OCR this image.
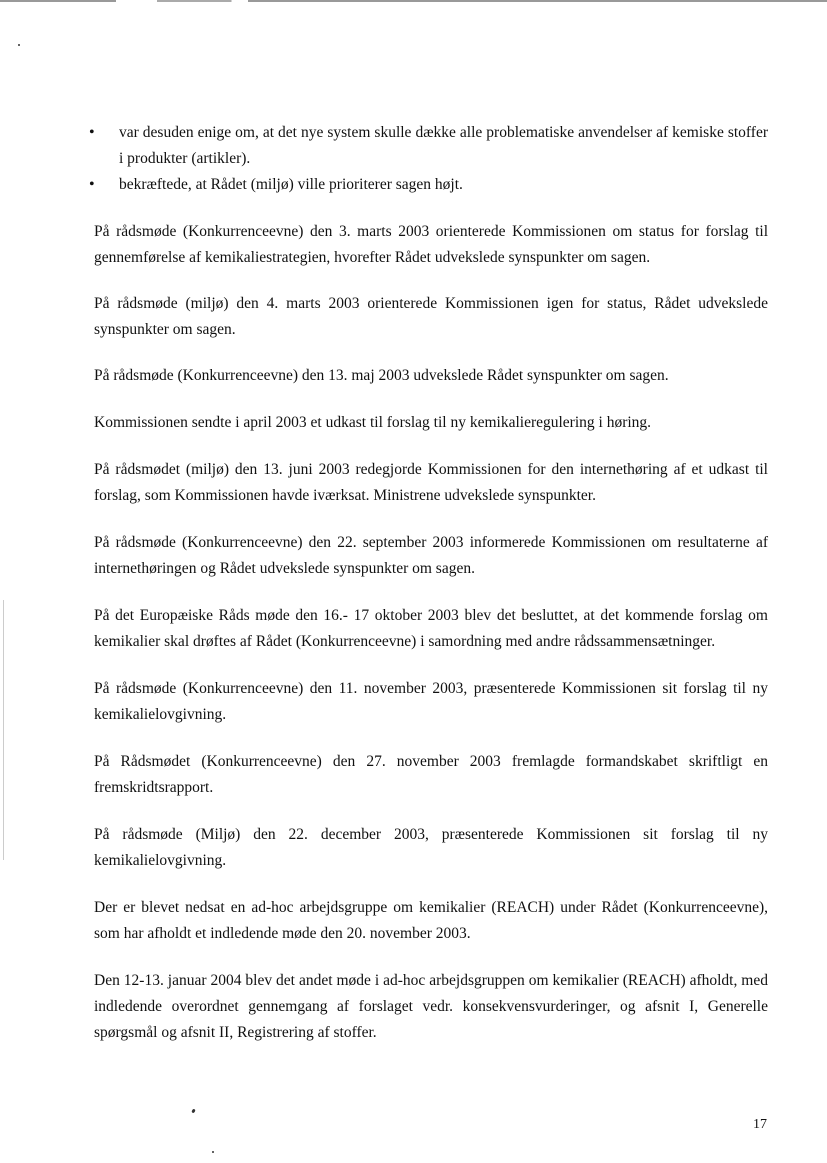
• var desuden enige om, at det nye system skulle dække alle problematiske anvendelser af kemiske stoffer i produkter (artikler).
• bekræftede, at Rådet (miljø) ville prioriterer sagen højt.

På rådsmøde (Konkurrenceevne) den 3. marts 2003 orienterede Kommissionen om status for forslag til gennemførelse af kemikaliestrategien, hvorefter Rådet udvekslede synspunkter om sagen.

På rådsmøde (miljø) den 4. marts 2003 orienterede Kommissionen igen for status, Rådet udvekslede synspunkter om sagen.

På rådsmøde (Konkurrenceevne) den 13. maj 2003 udvekslede Rådet synspunkter om sagen.

Kommissionen sendte i april 2003 et udkast til forslag til ny kemikalieregulering i høring.

På rådsmødet (miljø) den 13. juni 2003 redegjorde Kommissionen for den internethøring af et udkast til forslag, som Kommissionen havde iværksat. Ministrene udvekslede synspunkter.

På rådsmøde (Konkurrenceevne) den 22. september 2003 informerede Kommissionen om resultaterne af internethøringen og Rådet udvekslede synspunkter om sagen.

På det Europæiske Råds møde den 16.- 17 oktober 2003 blev det besluttet, at det kommende forslag om kemikalier skal drøftes af Rådet (Konkurrenceevne) i samordning med andre rådssammensætninger.

På rådsmøde (Konkurrenceevne) den 11. november 2003, præsenterede Kommissionen sit forslag til ny kemikalielovgivning.

På Rådsmødet (Konkurrenceevne) den 27. november 2003 fremlagde formandskabet skriftligt en fremskridtsrapport.

På rådsmøde (Miljø) den 22. december 2003, præsenterede Kommissionen sit forslag til ny kemikalielovgivning.

Der er blevet nedsat en ad-hoc arbejdsgruppe om kemikalier (REACH) under Rådet (Konkurrenceevne), som har afholdt et indledende møde den 20. november 2003.

Den 12-13. januar 2004 blev det andet møde i ad-hoc arbejdsgruppen om kemikalier (REACH) afholdt, med indledende overordnet gennemgang af forslaget vedr. konsekvensvurderinger, og afsnit I, Generelle spørgsmål og afsnit II, Registrering af stoffer.

17
